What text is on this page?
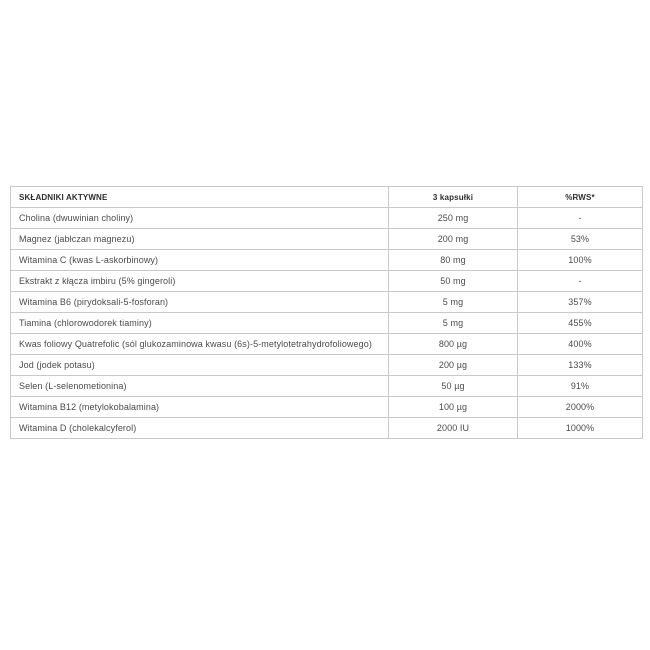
SKŁADNIKI AKTYWNE	3 kapsułki	%RWS*
Cholina (dwuwinian choliny)	250 mg	-
Magnez (jabłczan magnezu)	200 mg	53%
Witamina C (kwas L-askorbinowy)	80 mg	100%
Ekstrakt z kłącza imbiru (5% gingeroli)	50 mg	-
Witamina B6 (pirydoksali-5-fosforan)	5 mg	357%
Tiamina (chlorowodorek tiaminy)	5 mg	455%
Kwas foliowy Quatrefolic (sól glukozaminowa kwasu (6s)-5-metylotetrahydrofoliowego)	800 µg	400%
Jod (jodek potasu)	200 µg	133%
Selen (L-selenometionina)	50 µg	91%
Witamina B12 (metylokobalamina)	100 µg	2000%
Witamina D (cholekalcyferol)	2000 IU	1000%
